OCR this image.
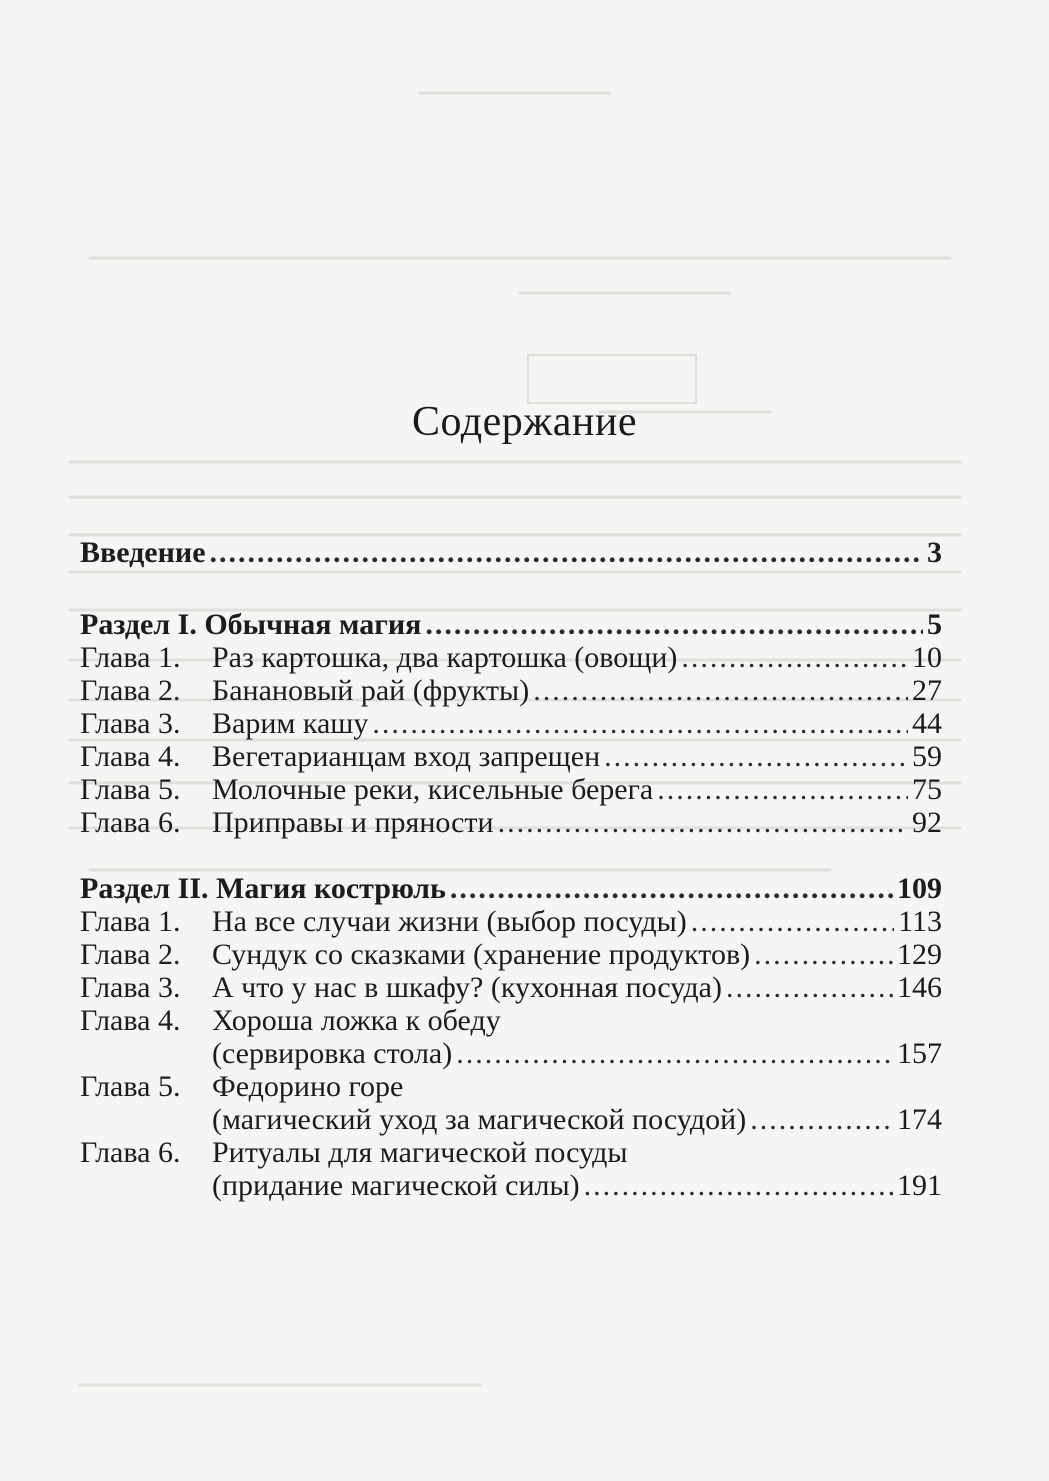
Содержание
Введение .....	3
Раздел I. Обычная магия .....	5
Глава 1.	Раз картошка, два картошка (овощи) .....	10
Глава 2.	Банановый рай (фрукты) .....	27
Глава 3.	Варим кашу .....	44
Глава 4.	Вегетарианцам вход запрещен .....	59
Глава 5.	Молочные реки, кисельные берега .....	75
Глава 6.	Приправы и пряности .....	92
Раздел II. Магия кострюль .....	109
Глава 1.	На все случаи жизни (выбор посуды) .....	113
Глава 2.	Сундук со сказками (хранение продуктов) .....	129
Глава 3.	А что у нас в шкафу? (кухонная посуда) .....	146
Глава 4.	Хороша ложка к обеду
(сервировка стола) .....	157
Глава 5.	Федорино горе
(магический уход за магической посудой) .....	174
Глава 6.	Ритуалы для магической посуды
(придание магической силы) .....	191
